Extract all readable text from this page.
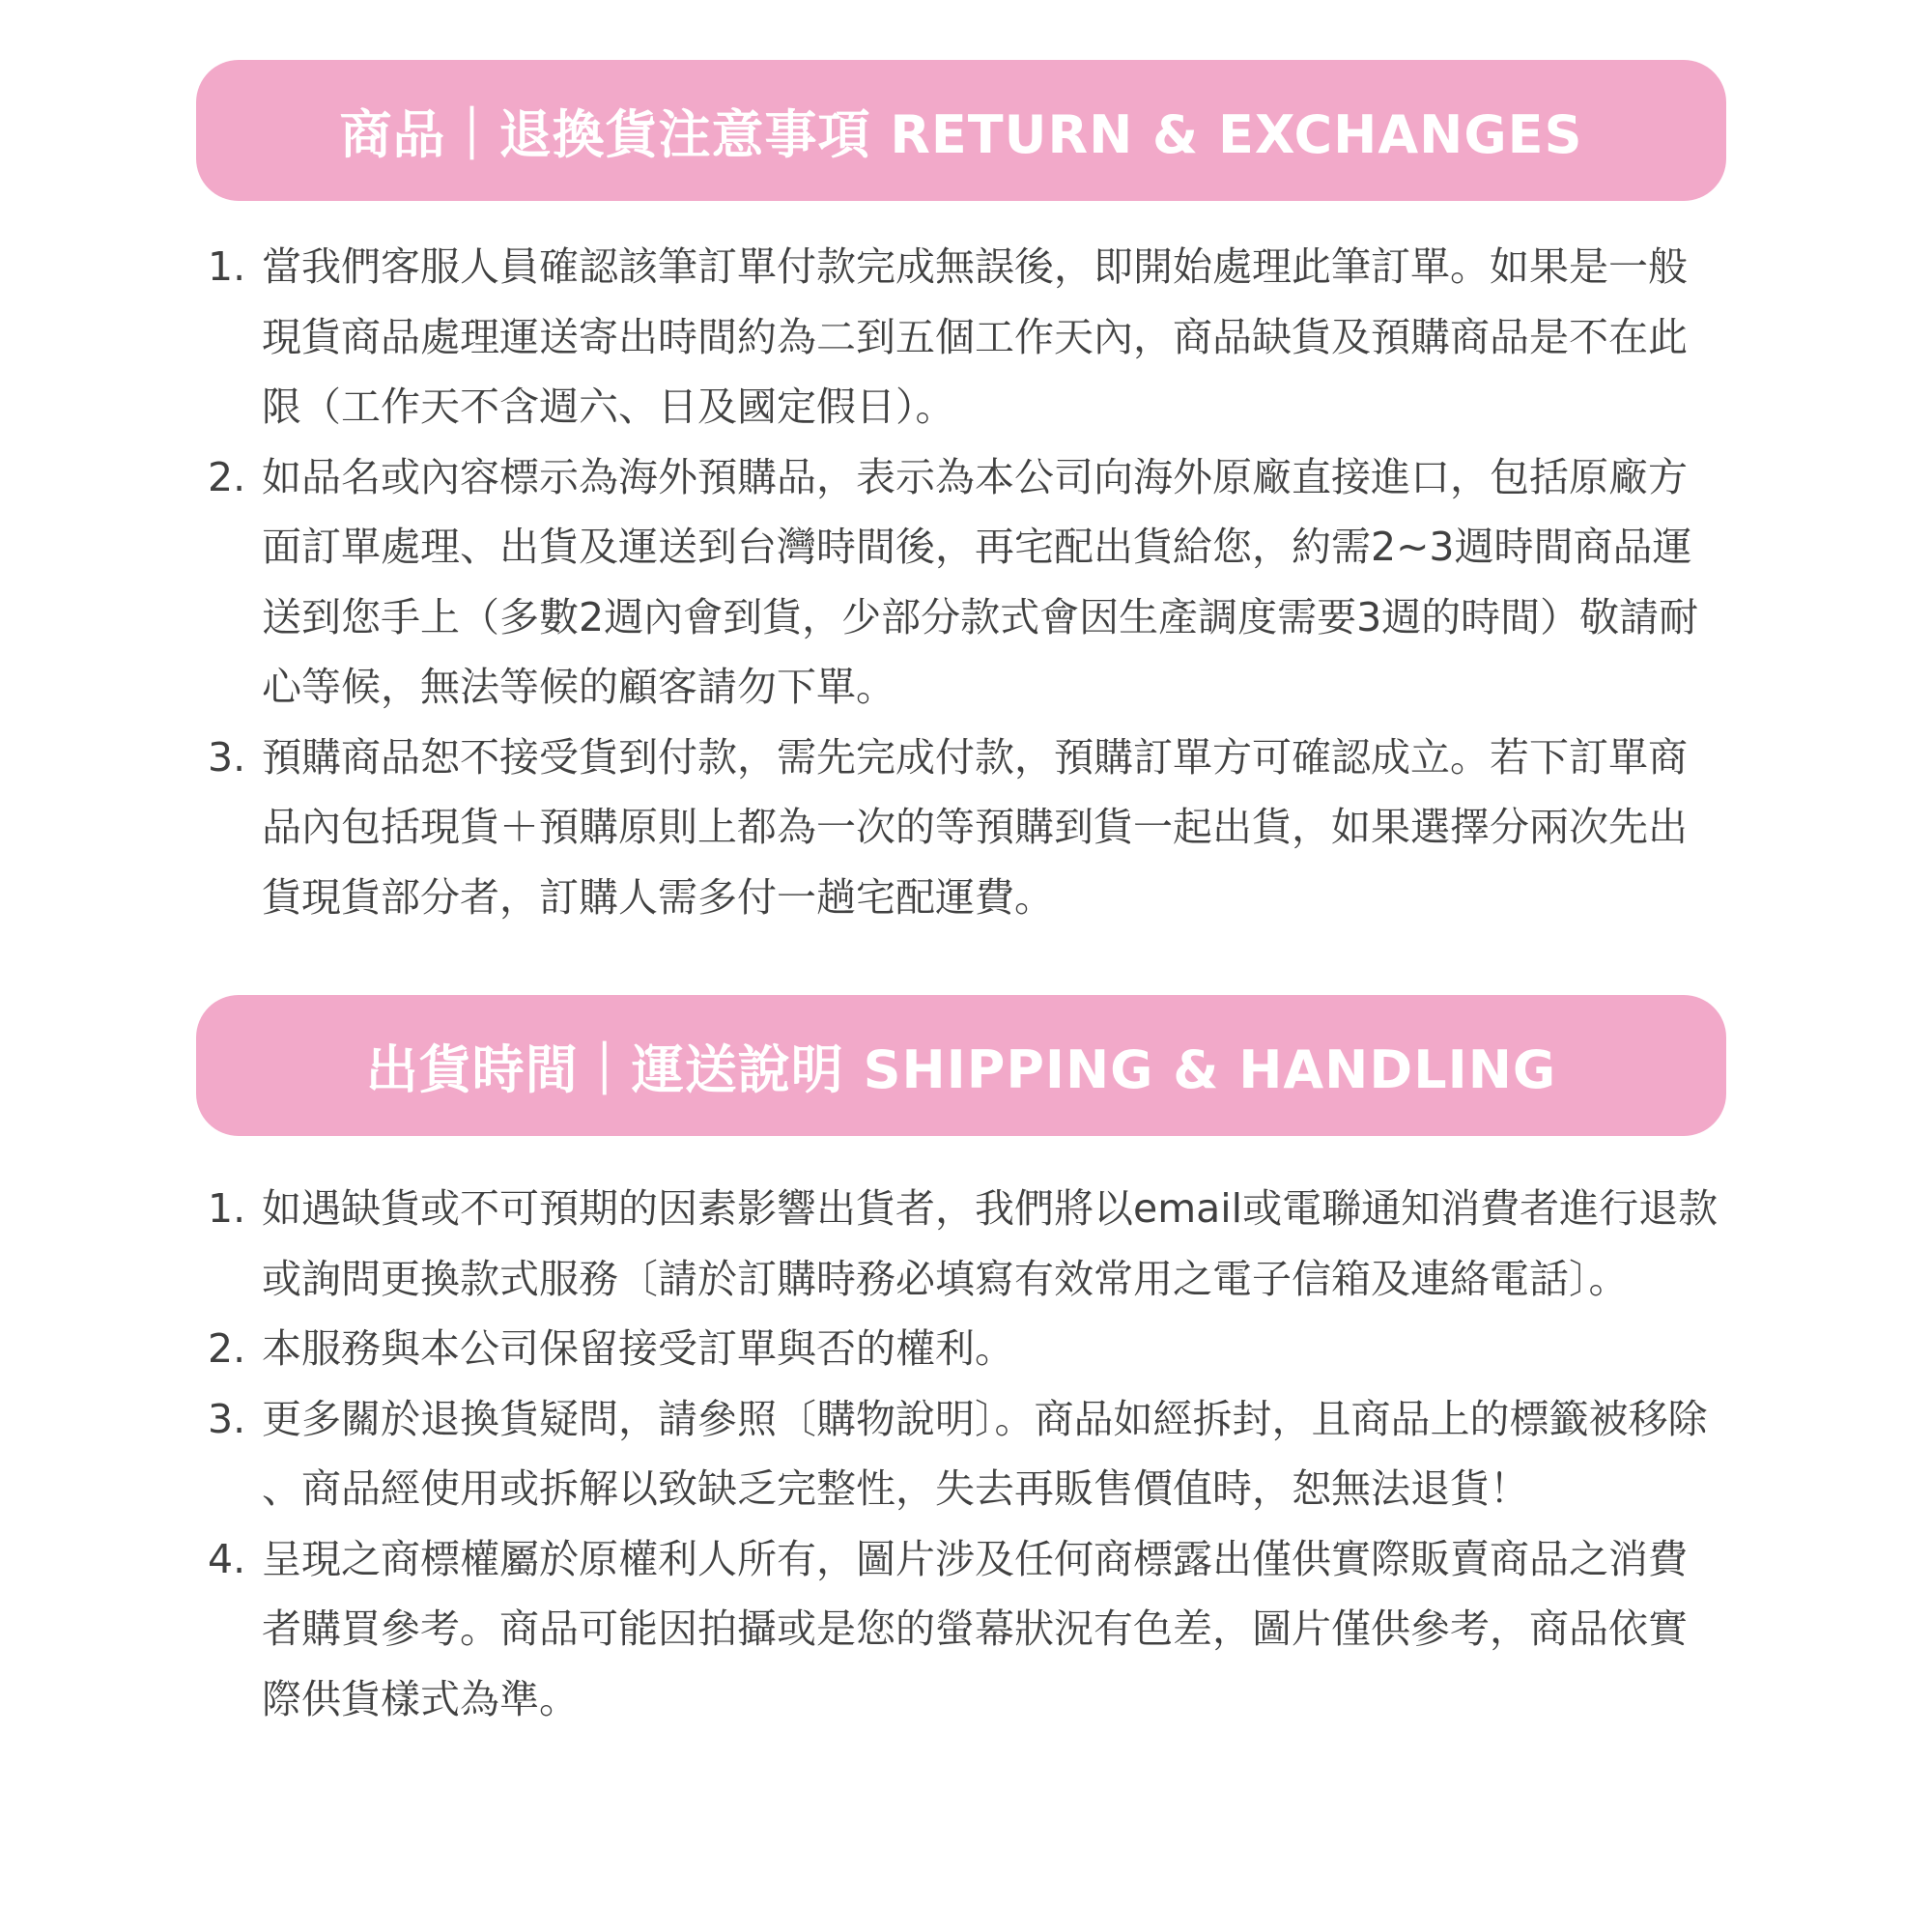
商品｜退換貨注意事項 RETURN & EXCHANGES
1. 當我們客服人員確認該筆訂單付款完成無誤後，即開始處理此筆訂單。如果是一般現貨商品處理運送寄出時間約為二到五個工作天內，商品缺貨及預購商品是不在此限（工作天不含週六、日及國定假日）。
2. 如品名或內容標示為海外預購品，表示為本公司向海外原廠直接進口，包括原廠方面訂單處理、出貨及運送到台灣時間後，再宅配出貨給您，約需2~3週時間商品運送到您手上（多數2週內會到貨，少部分款式會因生產調度需要3週的時間）敬請耐心等候，無法等候的顧客請勿下單。
3. 預購商品恕不接受貨到付款，需先完成付款，預購訂單方可確認成立。若下訂單商品內包括現貨＋預購原則上都為一次的等預購到貨一起出貨，如果選擇分兩次先出貨現貨部分者，訂購人需多付一趟宅配運費。
出貨時間｜運送說明 SHIPPING & HANDLING
1. 如遇缺貨或不可預期的因素影響出貨者，我們將以email或電聯通知消費者進行退款或詢問更換款式服務〔請於訂購時務必填寫有效常用之電子信箱及連絡電話〕。
2. 本服務與本公司保留接受訂單與否的權利。
3. 更多關於退換貨疑問，請參照〔購物說明〕。商品如經拆封，且商品上的標籤被移除、商品經使用或拆解以致缺乏完整性，失去再販售價值時，恕無法退貨！
4. 呈現之商標權屬於原權利人所有，圖片涉及任何商標露出僅供實際販賣商品之消費者購買參考。商品可能因拍攝或是您的螢幕狀況有色差，圖片僅供參考，商品依實際供貨樣式為準。
